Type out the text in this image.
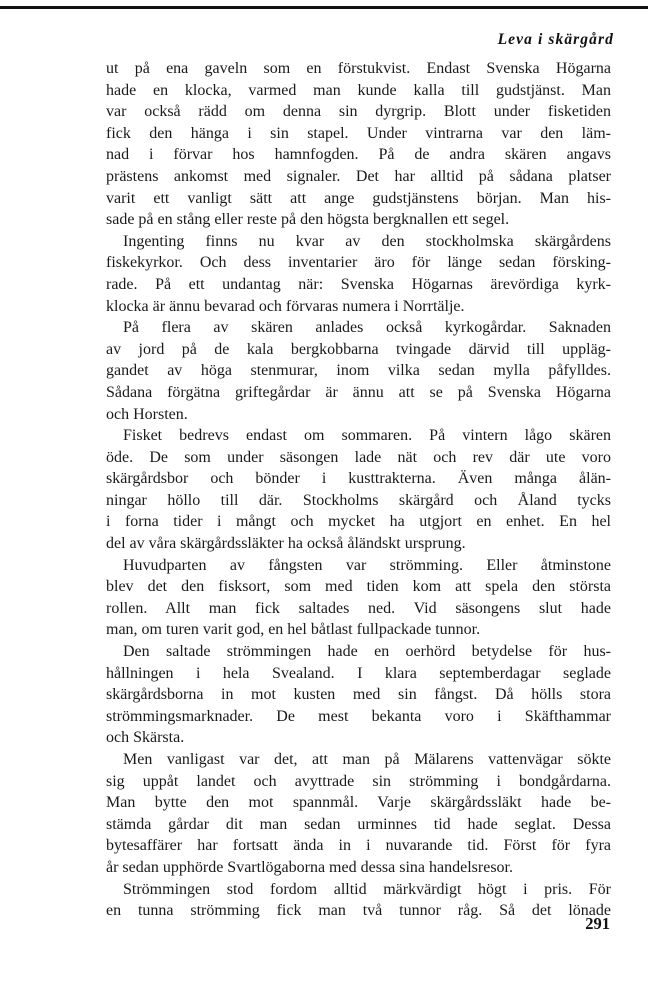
Leva i skärgård
ut på ena gaveln som en förstukvist. Endast Svenska Högarna
hade en klocka, varmed man kunde kalla till gudstjänst. Man
var också rädd om denna sin dyrgrip. Blott under fisketiden
fick den hänga i sin stapel. Under vintrarna var den läm-
nad i förvar hos hamnfogden. På de andra skären angavs
prästens ankomst med signaler. Det har alltid på sådana platser
varit ett vanligt sätt att ange gudstjänstens början. Man his-
sade på en stång eller reste på den högsta bergknallen ett segel.
Ingenting finns nu kvar av den stockholmska skärgårdens
fiskekyrkor. Och dess inventarier äro för länge sedan försking-
rade. På ett undantag när: Svenska Högarnas ärevördiga kyrk-
klocka är ännu bevarad och förvaras numera i Norrtälje.
På flera av skären anlades också kyrkogårdar. Saknaden
av jord på de kala bergkobbarna tvingade därvid till uppläg-
gandet av höga stenmurar, inom vilka sedan mylla påfylldes.
Sådana förgätna griftegårdar är ännu att se på Svenska Högarna
och Horsten.
Fisket bedrevs endast om sommaren. På vintern lågo skären
öde. De som under säsongen lade nät och rev där ute voro
skärgårdsbor och bönder i kusttrakterna. Även många ålän-
ningar höllo till där. Stockholms skärgård och Åland tycks
i forna tider i mångt och mycket ha utgjort en enhet. En hel
del av våra skärgårdssläkter ha också åländskt ursprung.
Huvudparten av fångsten var strömming. Eller åtminstone
blev det den fisksort, som med tiden kom att spela den största
rollen. Allt man fick saltades ned. Vid säsongens slut hade
man, om turen varit god, en hel båtlast fullpackade tunnor.
Den saltade strömmingen hade en oerhörd betydelse för hus-
hållningen i hela Svealand. I klara septemberdagar seglade
skärgårdsborna in mot kusten med sin fångst. Då hölls stora
strömmingsmarknader. De mest bekanta voro i Skäfthammar
och Skärsta.
Men vanligast var det, att man på Mälarens vattenvägar sökte
sig uppåt landet och avyttrade sin strömming i bondgårdarna.
Man bytte den mot spannmål. Varje skärgårdssläkt hade be-
stämda gårdar dit man sedan urminnes tid hade seglat. Dessa
bytesaffärer har fortsatt ända in i nuvarande tid. Först för fyra
år sedan upphörde Svartlögaborna med dessa sina handelsresor.
Strömmingen stod fordom alltid märkvärdigt högt i pris. För
en tunna strömming fick man två tunnor råg. Så det lönade
291
